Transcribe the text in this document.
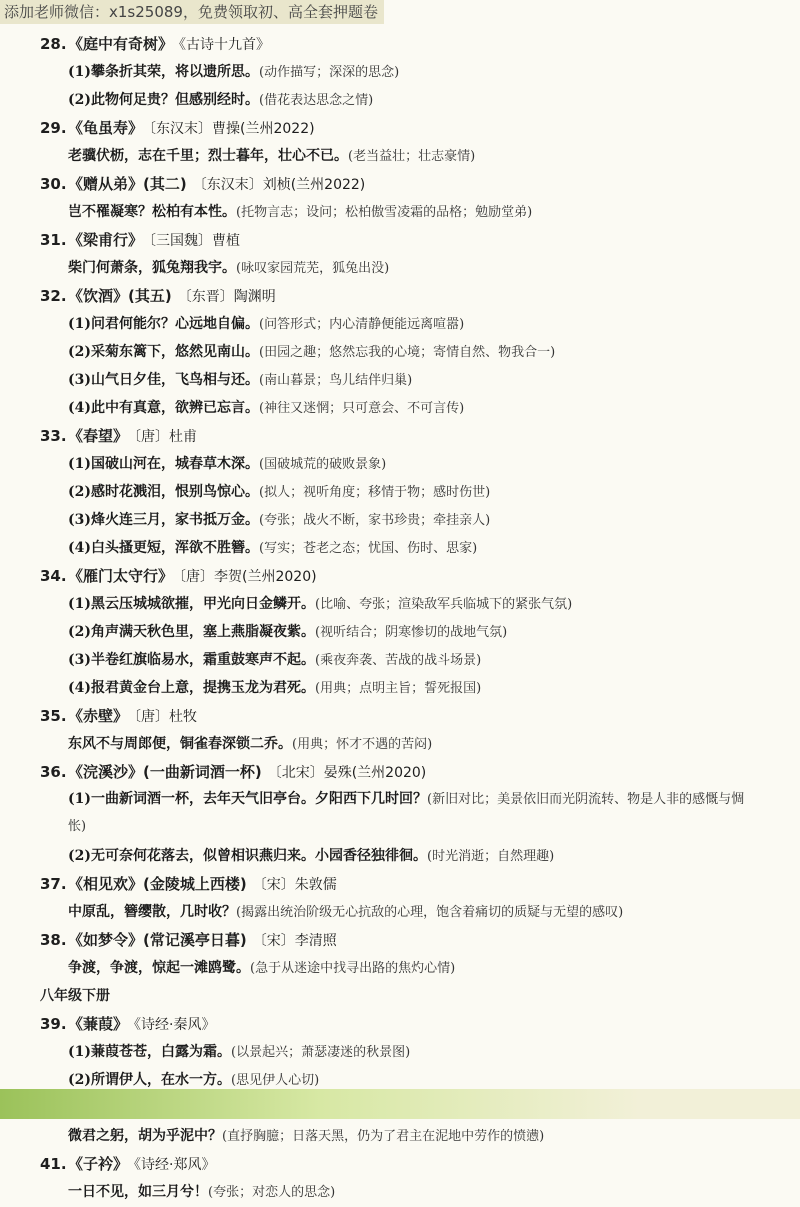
添加老师微信：x1s25089，免费领取初、高全套押题卷
28. 《庭中有奇树》 《古诗十九首》
(1)攀条折其荣，将以遗所思。(动作描写；深深的思念)
(2)此物何足贵？但感别经时。(借花表达思念之情)
29. 《龟虽寿》 〔东汉末〕曹操(兰州2022)
老骥伏枥，志在千里；烈士暮年，壮心不已。(老当益壮；壮志豪情)
30. 《赠从弟》(其二) 〔东汉末〕刘桢(兰州2022)
岂不罹凝寒？松柏有本性。(托物言志；设问；松柏傲雪凌霜的品格；勉励堂弟)
31. 《梁甫行》 〔三国魏〕曹植
柴门何萧条，狐兔翔我宇。(咏叹家园荒芜，狐兔出没)
32. 《饮酒》(其五) 〔东晋〕陶渊明
(1)问君何能尔？心远地自偏。(问答形式；内心清静便能远离喧嚣)
(2)采菊东篱下，悠然见南山。(田园之趣；悠然忘我的心境；寄情自然、物我合一)
(3)山气日夕佳，飞鸟相与还。(南山暮景；鸟儿结伴归巢)
(4)此中有真意，欲辨已忘言。(神往又迷惘；只可意会、不可言传)
33. 《春望》 〔唐〕杜甫
(1)国破山河在，城春草木深。(国破城荒的破败景象)
(2)感时花溅泪，恨别鸟惊心。(拟人；视听角度；移情于物；感时伤世)
(3)烽火连三月，家书抵万金。(夸张；战火不断，家书珍贵；牵挂亲人)
(4)白头搔更短，浑欲不胜簪。(写实；苍老之态；忧国、伤时、思家)
34. 《雁门太守行》 〔唐〕李贺(兰州2020)
(1)黑云压城城欲摧，甲光向日金鳞开。(比喻、夸张；渲染敌军兵临城下的紧张气氛)
(2)角声满天秋色里，塞上燕脂凝夜紫。(视听结合；阴寒惨切的战地气氛)
(3)半卷红旗临易水，霜重鼓寒声不起。(乘夜奔袭、苦战的战斗场景)
(4)报君黄金台上意，提携玉龙为君死。(用典；点明主旨；誓死报国)
35. 《赤壁》 〔唐〕杜牧
东风不与周郎便，铜雀春深锁二乔。(用典；怀才不遇的苦闷)
36. 《浣溪沙》(一曲新词酒一杯) 〔北宋〕晏殊(兰州2020)
(1)一曲新词酒一杯，去年天气旧亭台。夕阳西下几时回？(新旧对比；美景依旧而光阴流转、物是人非的感慨与惆怅)
(2)无可奈何花落去，似曾相识燕归来。小园香径独徘徊。(时光消逝；自然理趣)
37. 《相见欢》(金陵城上西楼) 〔宋〕朱敦儒
中原乱，簪缨散，几时收？(揭露出统治阶级无心抗敌的心理，饱含着痛切的质疑与无望的感叹)
38. 《如梦令》(常记溪亭日暮) 〔宋〕李清照
争渡，争渡，惊起一滩鸥鹭。(急于从迷途中找寻出路的焦灼心情)
八年级下册
39. 《蒹葭》 《诗经·秦风》
(1)蒹葭苍苍，白露为霜。(以景起兴；萧瑟凄迷的秋景图)
(2)所谓伊人，在水一方。(思见伊人心切)
微君之躬，胡为乎泥中？(直抒胸臆；日落天黑，仍为了君主在泥地中劳作的愤懑)
41. 《子衿》 《诗经·郑风》
一日不见，如三月兮！(夸张；对恋人的思念)
